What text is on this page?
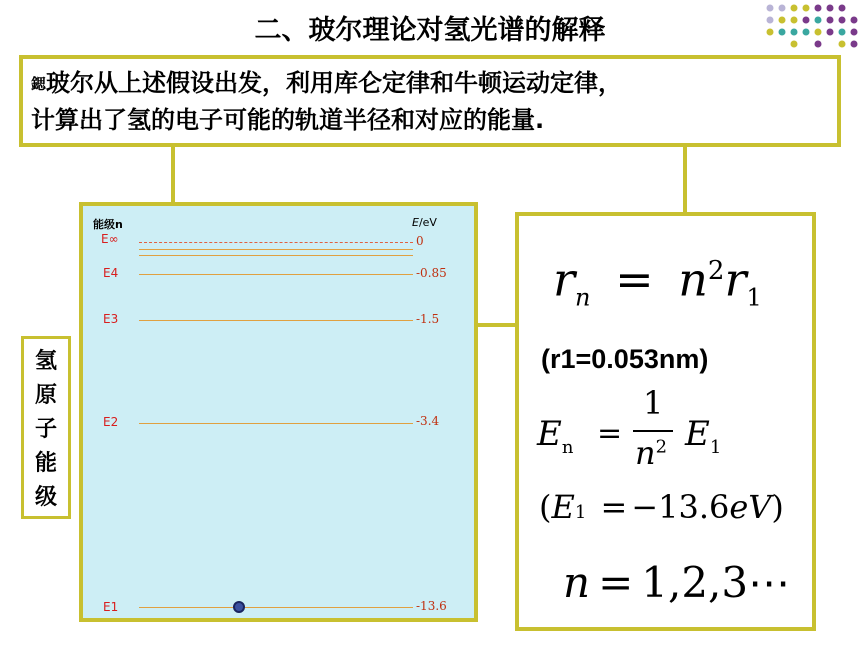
二、玻尔理论对氢光谱的解释
鍶玻尔从上述假设出发，利用库仑定律和牛顿运动定律，
计算出了氢的电子可能的轨道半径和对应的能量.
能级n	E/eV
E∞	0
E4	-0.85
E3	-1.5
E2	-3.4
E1	-13.6
氢
原
子
能
级
$r_n = n^2r_1$
(r1=0.053nm)
$E_n$ =
1
$n^2$ $E_1$
(E1 = −13.6eV)
n = 1,2,3⋯
